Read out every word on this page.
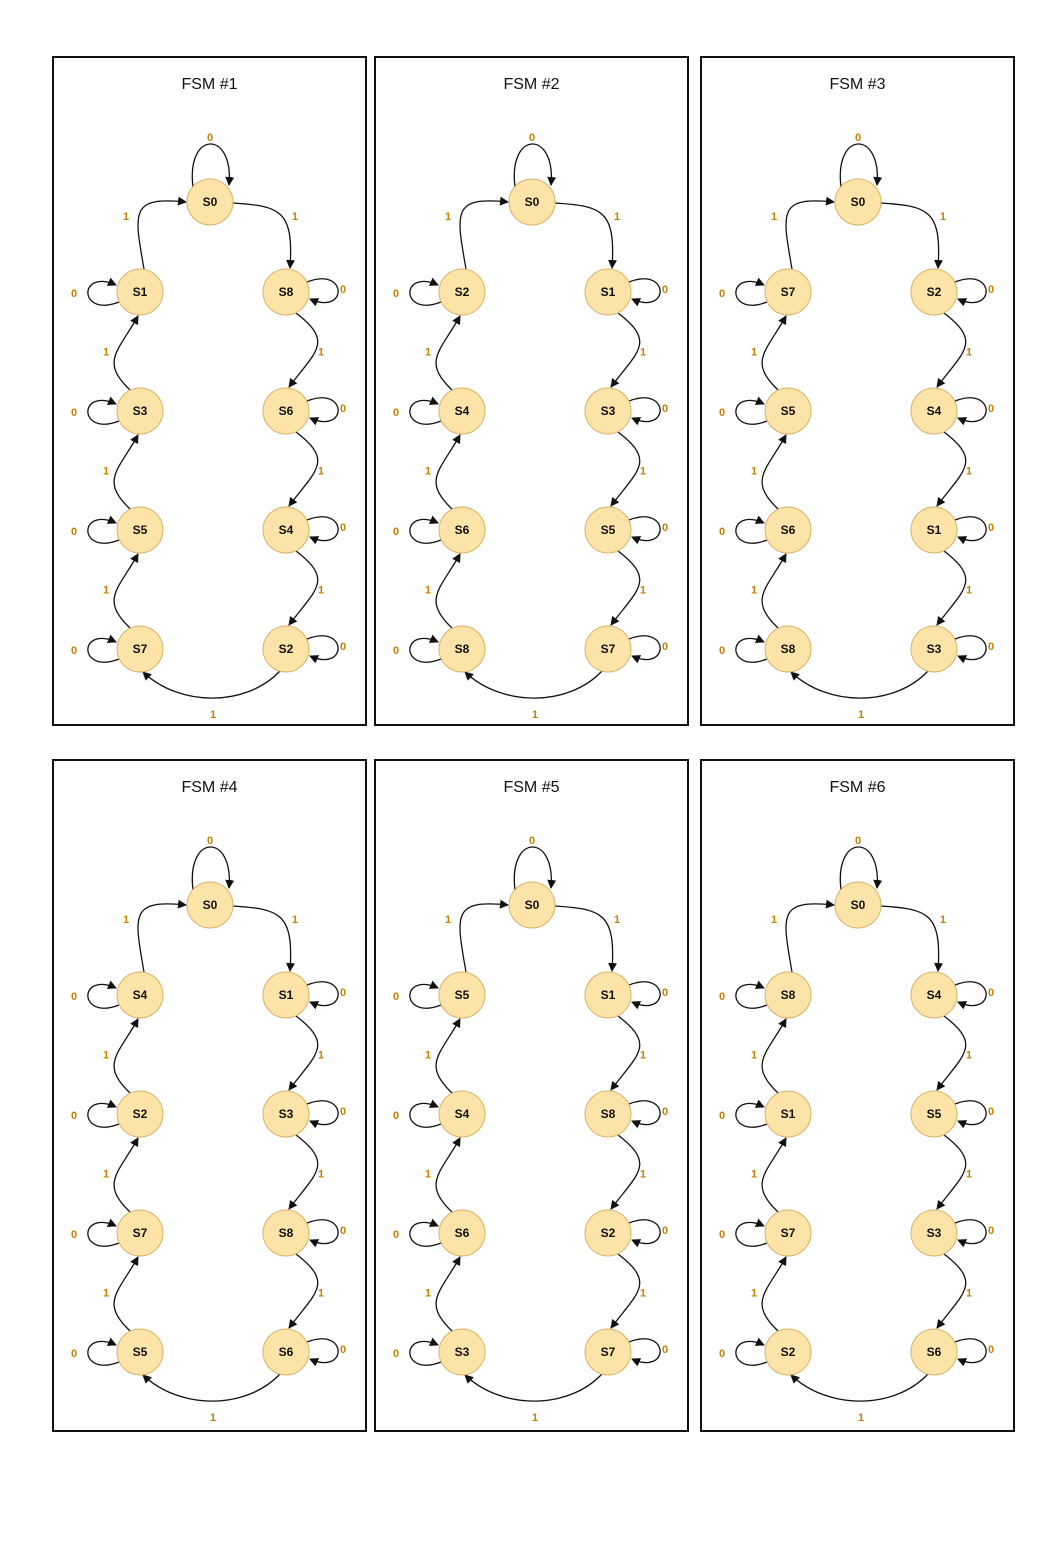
FSM #1
0
1
1
1
1
1
1
1
1
1
0	0
0	0
0	0
0	0
S0
S1
S3
S5
S7
S8
S6
S4
S2
FSM #2
0
1
1
1
1
1
1
1
1
1
0	0
0	0
0	0
0	0
S0
S2
S4
S6
S8
S1
S3
S5
S7
FSM #3
0
1
1
1
1
1
1
1
1
1
0	0
0	0
0	0
0	0
S0
S7
S5
S6
S8
S2
S4
S1
S3
FSM #4
0
1
1
1
1
1
1
1
1
1
0	0
0	0
0	0
0	0
S0
S4
S2
S7
S5
S1
S3
S8
S6
FSM #5
0
1
1
1
1
1
1
1
1
1
0	0
0	0
0	0
0	0
S0
S5
S4
S6
S3
S1
S8
S2
S7
FSM #6
0
1
1
1
1
1
1
1
1
1
0	0
0	0
0	0
0	0
S0
S8
S1
S7
S2
S4
S5
S3
S6
